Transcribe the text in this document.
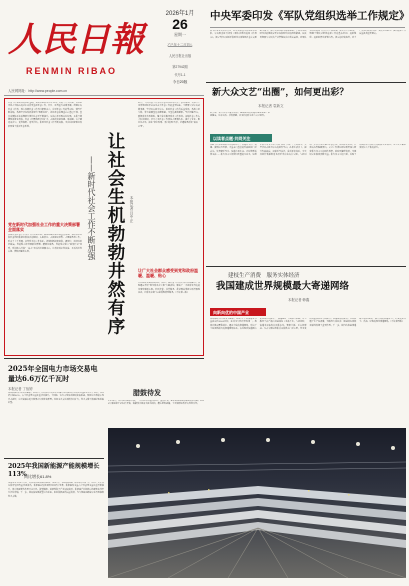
人民日報
RENMIN RIBAO
2026年1月
26
星期一
乙巳年十二月初八
人民日报社出版
第27942期
代号1-1
今日20版
人民网网址：http://www.people.com.cn
中央军委印发《军队党组织选举工作规定》
新华社北京1月25日电　经中央军委主席习近平批准，中央军委近日印发《军队党组织选举工作规定》。规定坚持以习近平新时代中国特色社会主义思想为指导，深入贯彻习近平强军思想，全面贯彻新时代党的建设总要求和新时代党的组织路线，认真贯彻落实中国共产党章程和党内有关法规，对军队党组织选举工作作出全面规范。规定共7章49条，明确了军队党组织选举工作的基本原则、选举程序、选举纪律监督等内容。规定的印发施行，对于严肃党内政治生活、发展党内民主、提高选举工作质量具有重要意义。
新大众文艺“出圈”，如何更出彩？
本报记者 袁新文
近年来，新大众文艺蓬勃发展，越来越多的普通人拿起笔来、举起镜头，记录生活、抒发情感，以多样的形式参与文艺创作。
以读者点题·共同关注
在数字技术和网络平台的推动下，普通人写作、拍摄、演唱成为可能，大量来自基层的作品获得广泛关注。外卖骑手写诗、快递小哥出书、乡村教师拍微电影……新大众文艺展现出旺盛的生命力。如何让新大众文艺从“出圈”走向“出彩”？专家认为，要坚持以人民为中心的创作导向，扎根生活沃土，提升作品品质，加强引导扶持，完善评价体系，为大众创作者提供更多展示平台和成长空间。与此同时，平台方也应承担社会责任，优化推荐机制，让优质内容脱颖而出。文艺工作者和评论者要深入研究新大众文艺的创作规律，推动其健康发展，为建设文化强国贡献力量。新大众文艺的兴起，反映了人民群众日益增长的精神文化需求，也为文艺繁荣发展注入了新的活力。
建枝生产消费　服务实体经济
我国建成世界规模最大寄递网络
本报记者 韩鑫
向新向优的中国产业
国家邮政局日前发布数据，2025年全国快递业务量完成约2000亿件，连续多年稳居世界第一。我国已建成覆盖城乡、通达全球的寄递网络，形成了全球规模最大的寄递网络体系。农村地区快递网点覆盖率持续提升，“快递进村”工程深入推进，有力服务了农产品出村进城和工业品下乡。与此同时，快递业加快科技创新步伐，智能分拣、无人机配送、无人车配送等新技术新模式广泛应用，行业发展质量和效益不断提升。寄递网络的完善，有效畅通了生产和消费，为服务实体经济、促进国内国际双循环发挥了重要作用。下一步，将持续推进寄递服务体系建设，提升国际寄递能力，打造更加安全、高效、绿色的现代寄递网络。（下转第四版）
社会工作事关党的执政基础，事关人民群众切身利益。党的十八大以来，以习近平同志为核心的党中央高度重视社会工作，作出一系列重大决策部署。组建中央社会工作部，地方各级社会工作部门相继成立，党对社会工作的集中统一领导不断加强。各地坚持和发展新时代“枫桥经验”，推动社会治理重心向基层下移，基层治理体系和治理能力现代化水平不断提升。从城市社区到农村村落，从新兴领域到新就业群体，社会工作覆盖面持续扩大，人民群众获得感、幸福感、安全感更加充实、更有保障、更可持续。新时代社会工作不断加强，为党和国家事业发展营造了良好社会环境。
党在新时代加强社会工作的重大决策部署全面落实
各级党委社会工作部门坚持党建引领，统筹推进党建引领基层治理、新经济组织新社会组织新就业群体党的建设、人民信访、人民建议征集、志愿服务等工作，形成了上下贯通、执行有力的工作体系。各地积极探索创新，涌现出一批好经验好做法。有的地方推行网格化管理、精细化服务，有的地方建立“民情日记”制度，有的地方打造“一站式”矛盾纠纷调解中心，让群众诉求有处说、矛盾纠纷有人调、困难问题有人帮。	让社会生机勃勃井然有序
——新时代社会工作不断加强	本报记者 吕中正
近日，全国社会工作部部长会议在北京召开。会议强调，要深入学习贯彻习近平总书记关于社会工作的重要论述，全面落实党中央决策部署，坚持以人民为中心，推动社会工作高质量发展。各地立足实际，着力破解基层治理难题，为基层减负赋能。坚持问题导向，聚焦群众急难愁盼，健全完善服务群众工作机制。加强社会工作人才队伍建设，壮大专业社会工作者和志愿者队伍，提升专业化、职业化水平。深化“街乡吹哨、部门报到”改革，打通服务群众“最后一公里”。
让广大社会群众感受到党和政府温暖、温暖、贴心
让人民群众感受到温暖、贴心，是社会工作的出发点和落脚点。各地通过开展“我为群众办实事”实践活动，解决了一大批群众身边的急事难事烦心事。社区食堂、托育服务、养老驿站等民生项目落地见效，让群众在家门口享受到便利服务。（下转第二版）
2025年全国电力市场交易电量达6.6万亿千瓦时
本报记者 丁怡婷
国家能源局日前发布数据，2025年全国各电力交易中心累计组织完成市场交易电量6.6万亿千瓦时，同比增长超过6%，占全社会用电量比重持续提升。全国统一电力市场体系建设加快推进，省间电力现货市场正式运行，电力资源在更大范围内实现优化配置。绿色电力交易规模持续扩大，有力支撑了能源绿色低碳转型。
腊鼓待发
1月24日，在山东济南动车段，一列列动车组整齐停放，整装待发，迎接即将到来的春运客流高峰。2026年春运将于2月2日开始，铁路部门将加大运力投放，精心组织运输，全力保障旅客平安有序出行。
2025年我国新能源产能规模增长113%
同比增长61.8%
本报北京1月25日电　记者从国家能源局获悉：2025年，我国新能源产能规模持续扩大，风电、光伏发电新增装机容量再创新高，新能源总装机规模同比增长显著。新能源发电量占全社会用电量比重不断提升，清洁能源替代作用日益凸显。新型储能、氢能等新兴产业加快发展，新能源产业链供应链韧性和竞争力持续增强。下一步，将加快构建新型电力系统，推动新能源高质量发展，为实现碳达峰碳中和目标提供有力支撑。
